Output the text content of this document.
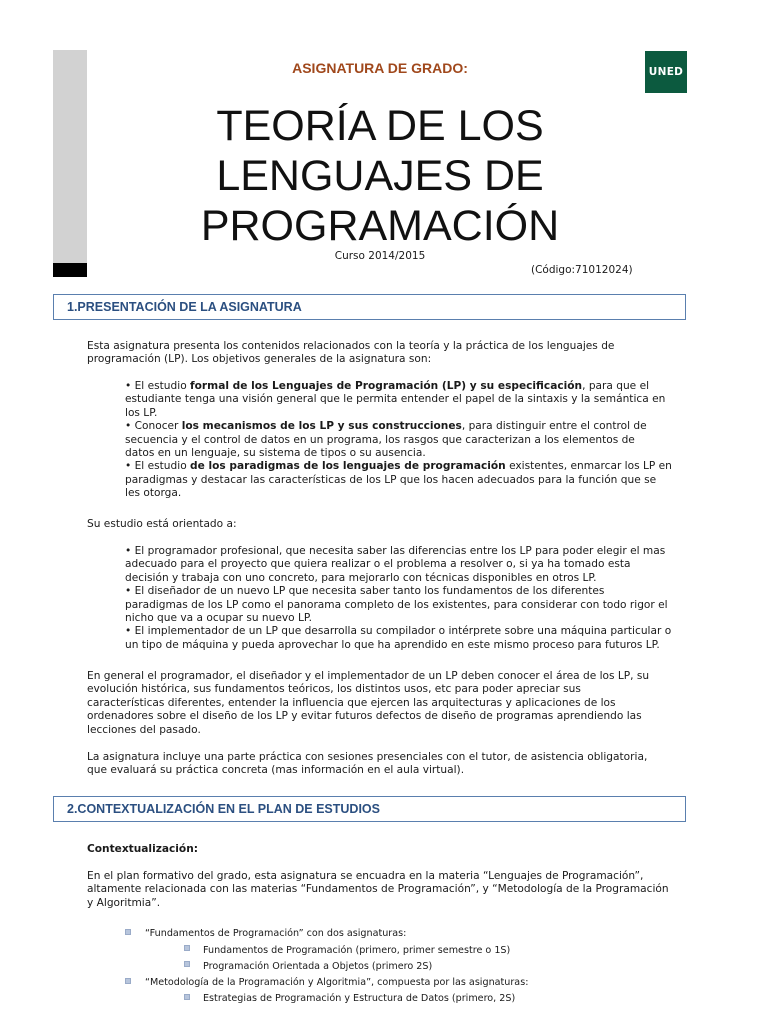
UNED
ASIGNATURA DE GRADO:
TEORÍA DE LOS
LENGUAJES DE
PROGRAMACIÓN
Curso 2014/2015
(Código:71012024)
1.PRESENTACIÓN DE LA ASIGNATURA
Esta asignatura presenta los contenidos relacionados con la teoría y la práctica de los lenguajes de
programación (LP). Los objetivos generales de la asignatura son:
• El estudio formal de los Lenguajes de Programación (LP) y su especificación, para que el
estudiante tenga una visión general que le permita entender el papel de la sintaxis y la semántica en
los LP.
• Conocer los mecanismos de los LP y sus construcciones, para distinguir entre el control de
secuencia y el control de datos en un programa, los rasgos que caracterizan a los elementos de
datos en un lenguaje, su sistema de tipos o su ausencia.
• El estudio de los paradigmas de los lenguajes de programación existentes, enmarcar los LP en
paradigmas y destacar las características de los LP que los hacen adecuados para la función que se
les otorga.
Su estudio está orientado a:
• El programador profesional, que necesita saber las diferencias entre los LP para poder elegir el mas
adecuado para el proyecto que quiera realizar o el problema a resolver o, si ya ha tomado esta
decisión y trabaja con uno concreto, para mejorarlo con técnicas disponibles en otros LP.
• El diseñador de un nuevo LP que necesita saber tanto los fundamentos de los diferentes
paradigmas de los LP como el panorama completo de los existentes, para considerar con todo rigor el
nicho que va a ocupar su nuevo LP.
• El implementador de un LP que desarrolla su compilador o intérprete sobre una máquina particular o
un tipo de máquina y pueda aprovechar lo que ha aprendido en este mismo proceso para futuros LP.
En general el programador, el diseñador y el implementador de un LP deben conocer el área de los LP, su
evolución histórica, sus fundamentos teóricos, los distintos usos, etc para poder apreciar sus
características diferentes, entender la influencia que ejercen las arquitecturas y aplicaciones de los
ordenadores sobre el diseño de los LP y evitar futuros defectos de diseño de programas aprendiendo las
lecciones del pasado.
La asignatura incluye una parte práctica con sesiones presenciales con el tutor, de asistencia obligatoria,
que evaluará su práctica concreta (mas información en el aula virtual).
2.CONTEXTUALIZACIÓN EN EL PLAN DE ESTUDIOS
Contextualización:
En el plan formativo del grado, esta asignatura se encuadra en la materia “Lenguajes de Programación”,
altamente relacionada con las materias “Fundamentos de Programación”, y “Metodología de la Programación
y Algoritmia”.
“Fundamentos de Programación” con dos asignaturas:
Fundamentos de Programación (primero, primer semestre o 1S)
Programación Orientada a Objetos (primero 2S)
“Metodología de la Programación y Algoritmia”, compuesta por las asignaturas:
Estrategias de Programación y Estructura de Datos (primero, 2S)
